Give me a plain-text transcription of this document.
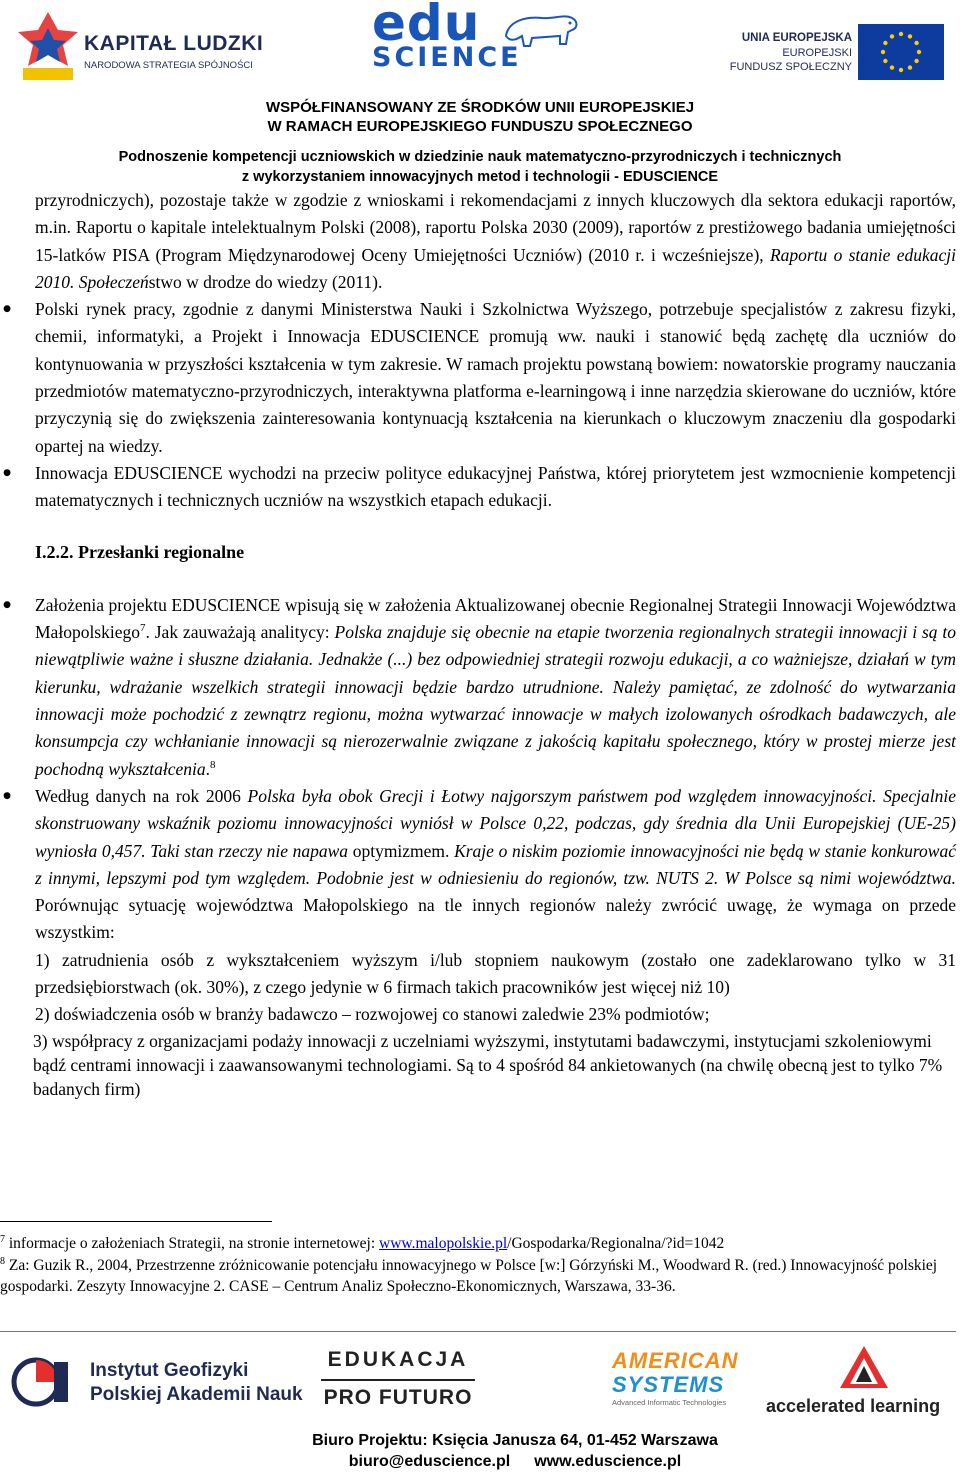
KAPITAŁ LUDZKI
NARODOWA STRATEGIA SPÓJNOŚCI
edu
SCIENCE
UNIA EUROPEJSKA
EUROPEJSKI
FUNDUSZ SPOŁECZNY
WSPÓŁFINANSOWANY ZE ŚRODKÓW UNII EUROPEJSKIEJ
W RAMACH EUROPEJSKIEGO FUNDUSZU SPOŁECZNEGO
Podnoszenie kompetencji uczniowskich w dziedzinie nauk matematyczno-przyrodniczych i technicznych
z wykorzystaniem innowacyjnych metod i technologii - EDUSCIENCE

przyrodniczych), pozostaje także w zgodzie z wnioskami i rekomendacjami z innych kluczowych dla sektora edukacji raportów, m.in. Raportu o kapitale intelektualnym Polski (2008), raportu Polska 2030 (2009), raportów z prestiżowego badania umiejętności 15-latków PISA (Program Międzynarodowej Oceny Umiejętności Uczniów) (2010 r. i wcześniejsze), Raportu o stanie edukacji 2010. Społeczeństwo w drodze do wiedzy (2011).

● Polski rynek pracy, zgodnie z danymi Ministerstwa Nauki i Szkolnictwa Wyższego, potrzebuje specjalistów z zakresu fizyki, chemii, informatyki, a Projekt i Innowacja EDUSCIENCE promują ww. nauki i stanowić będą zachętę dla uczniów do kontynuowania w przyszłości kształcenia w tym zakresie. W ramach projektu powstaną bowiem: nowatorskie programy nauczania przedmiotów matematyczno-przyrodniczych, interaktywna platforma e-learningową i inne narzędzia skierowane do uczniów, które przyczynią się do zwiększenia zainteresowania kontynuacją kształcenia na kierunkach o kluczowym znaczeniu dla gospodarki opartej na wiedzy.

● Innowacja EDUSCIENCE wychodzi na przeciw polityce edukacyjnej Państwa, której priorytetem jest wzmocnienie kompetencji matematycznych i technicznych uczniów na wszystkich etapach edukacji.

I.2.2. Przesłanki regionalne

● Założenia projektu EDUSCIENCE wpisują się w założenia Aktualizowanej obecnie Regionalnej Strategii Innowacji Województwa Małopolskiego$^7$. Jak zauważają analitycy: Polska znajduje się obecnie na etapie tworzenia regionalnych strategii innowacji i są to niewątpliwie ważne i słuszne działania. Jednakże (...) bez odpowiedniej strategii rozwoju edukacji, a co ważniejsze, działań w tym kierunku, wdrażanie wszelkich strategii innowacji będzie bardzo utrudnione. Należy pamiętać, ze zdolność do wytwarzania innowacji może pochodzić z zewnątrz regionu, można wytwarzać innowacje w małych izolowanych ośrodkach badawczych, ale konsumpcja czy wchłanianie innowacji są nierozerwalnie związane z jakością kapitału społecznego, który w prostej mierze jest pochodną wykształcenia.$^8$

● Według danych na rok 2006 Polska była obok Grecji i Łotwy najgorszym państwem pod względem innowacyjności. Specjalnie skonstruowany wskaźnik poziomu innowacyjności wyniósł w Polsce 0,22, podczas, gdy średnia dla Unii Europejskiej (UE-25) wyniosła 0,457. Taki stan rzeczy nie napawa optymizmem. Kraje o niskim poziomie innowacyjności nie będą w stanie konkurować z innymi, lepszymi pod tym względem. Podobnie jest w odniesieniu do regionów, tzw. NUTS 2. W Polsce są nimi województwa. Porównując sytuację województwa Małopolskiego na tle innych regionów należy zwrócić uwagę, że wymaga on przede wszystkim:

1) zatrudnienia osób z wykształceniem wyższym i/lub stopniem naukowym (zostało one zadeklarowano tylko w 31 przedsiębiorstwach (ok. 30%), z czego jedynie w 6 firmach takich pracowników jest więcej niż 10)

2) doświadczenia osób w branży badawczo – rozwojowej co stanowi zaledwie 23% podmiotów;

3) współpracy z organizacjami podaży innowacji z uczelniami wyższymi, instytutami badawczymi, instytucjami szkoleniowymi bądź centrami innowacji i zaawansowanymi technologiami. Są to 4 spośród 84 ankietowanych (na chwilę obecną jest to tylko 7% badanych firm)

$^7$ informacje o założeniach Strategii, na stronie internetowej: www.malopolskie.pl/Gospodarka/Regionalna/?id=1042

$^8$ Za: Guzik R., 2004, Przestrzenne zróżnicowanie potencjału innowacyjnego w Polsce [w:] Górzyński M., Woodward R. (red.) Innowacyjność polskiej gospodarki. Zeszyty Innowacyjne 2. CASE – Centrum Analiz Społeczno-Ekonomicznych, Warszawa, 33-36.

Instytut Geofizyki
Polskiej Akademii Nauk
EDUKACJA
PRO FUTURO
AMERICAN
SYSTEMS
Advanced Informatic Technologies accelerated learning
Biuro Projektu: Księcia Janusza 64, 01-452 Warszawa
biuro@eduscience.pl www.eduscience.pl
